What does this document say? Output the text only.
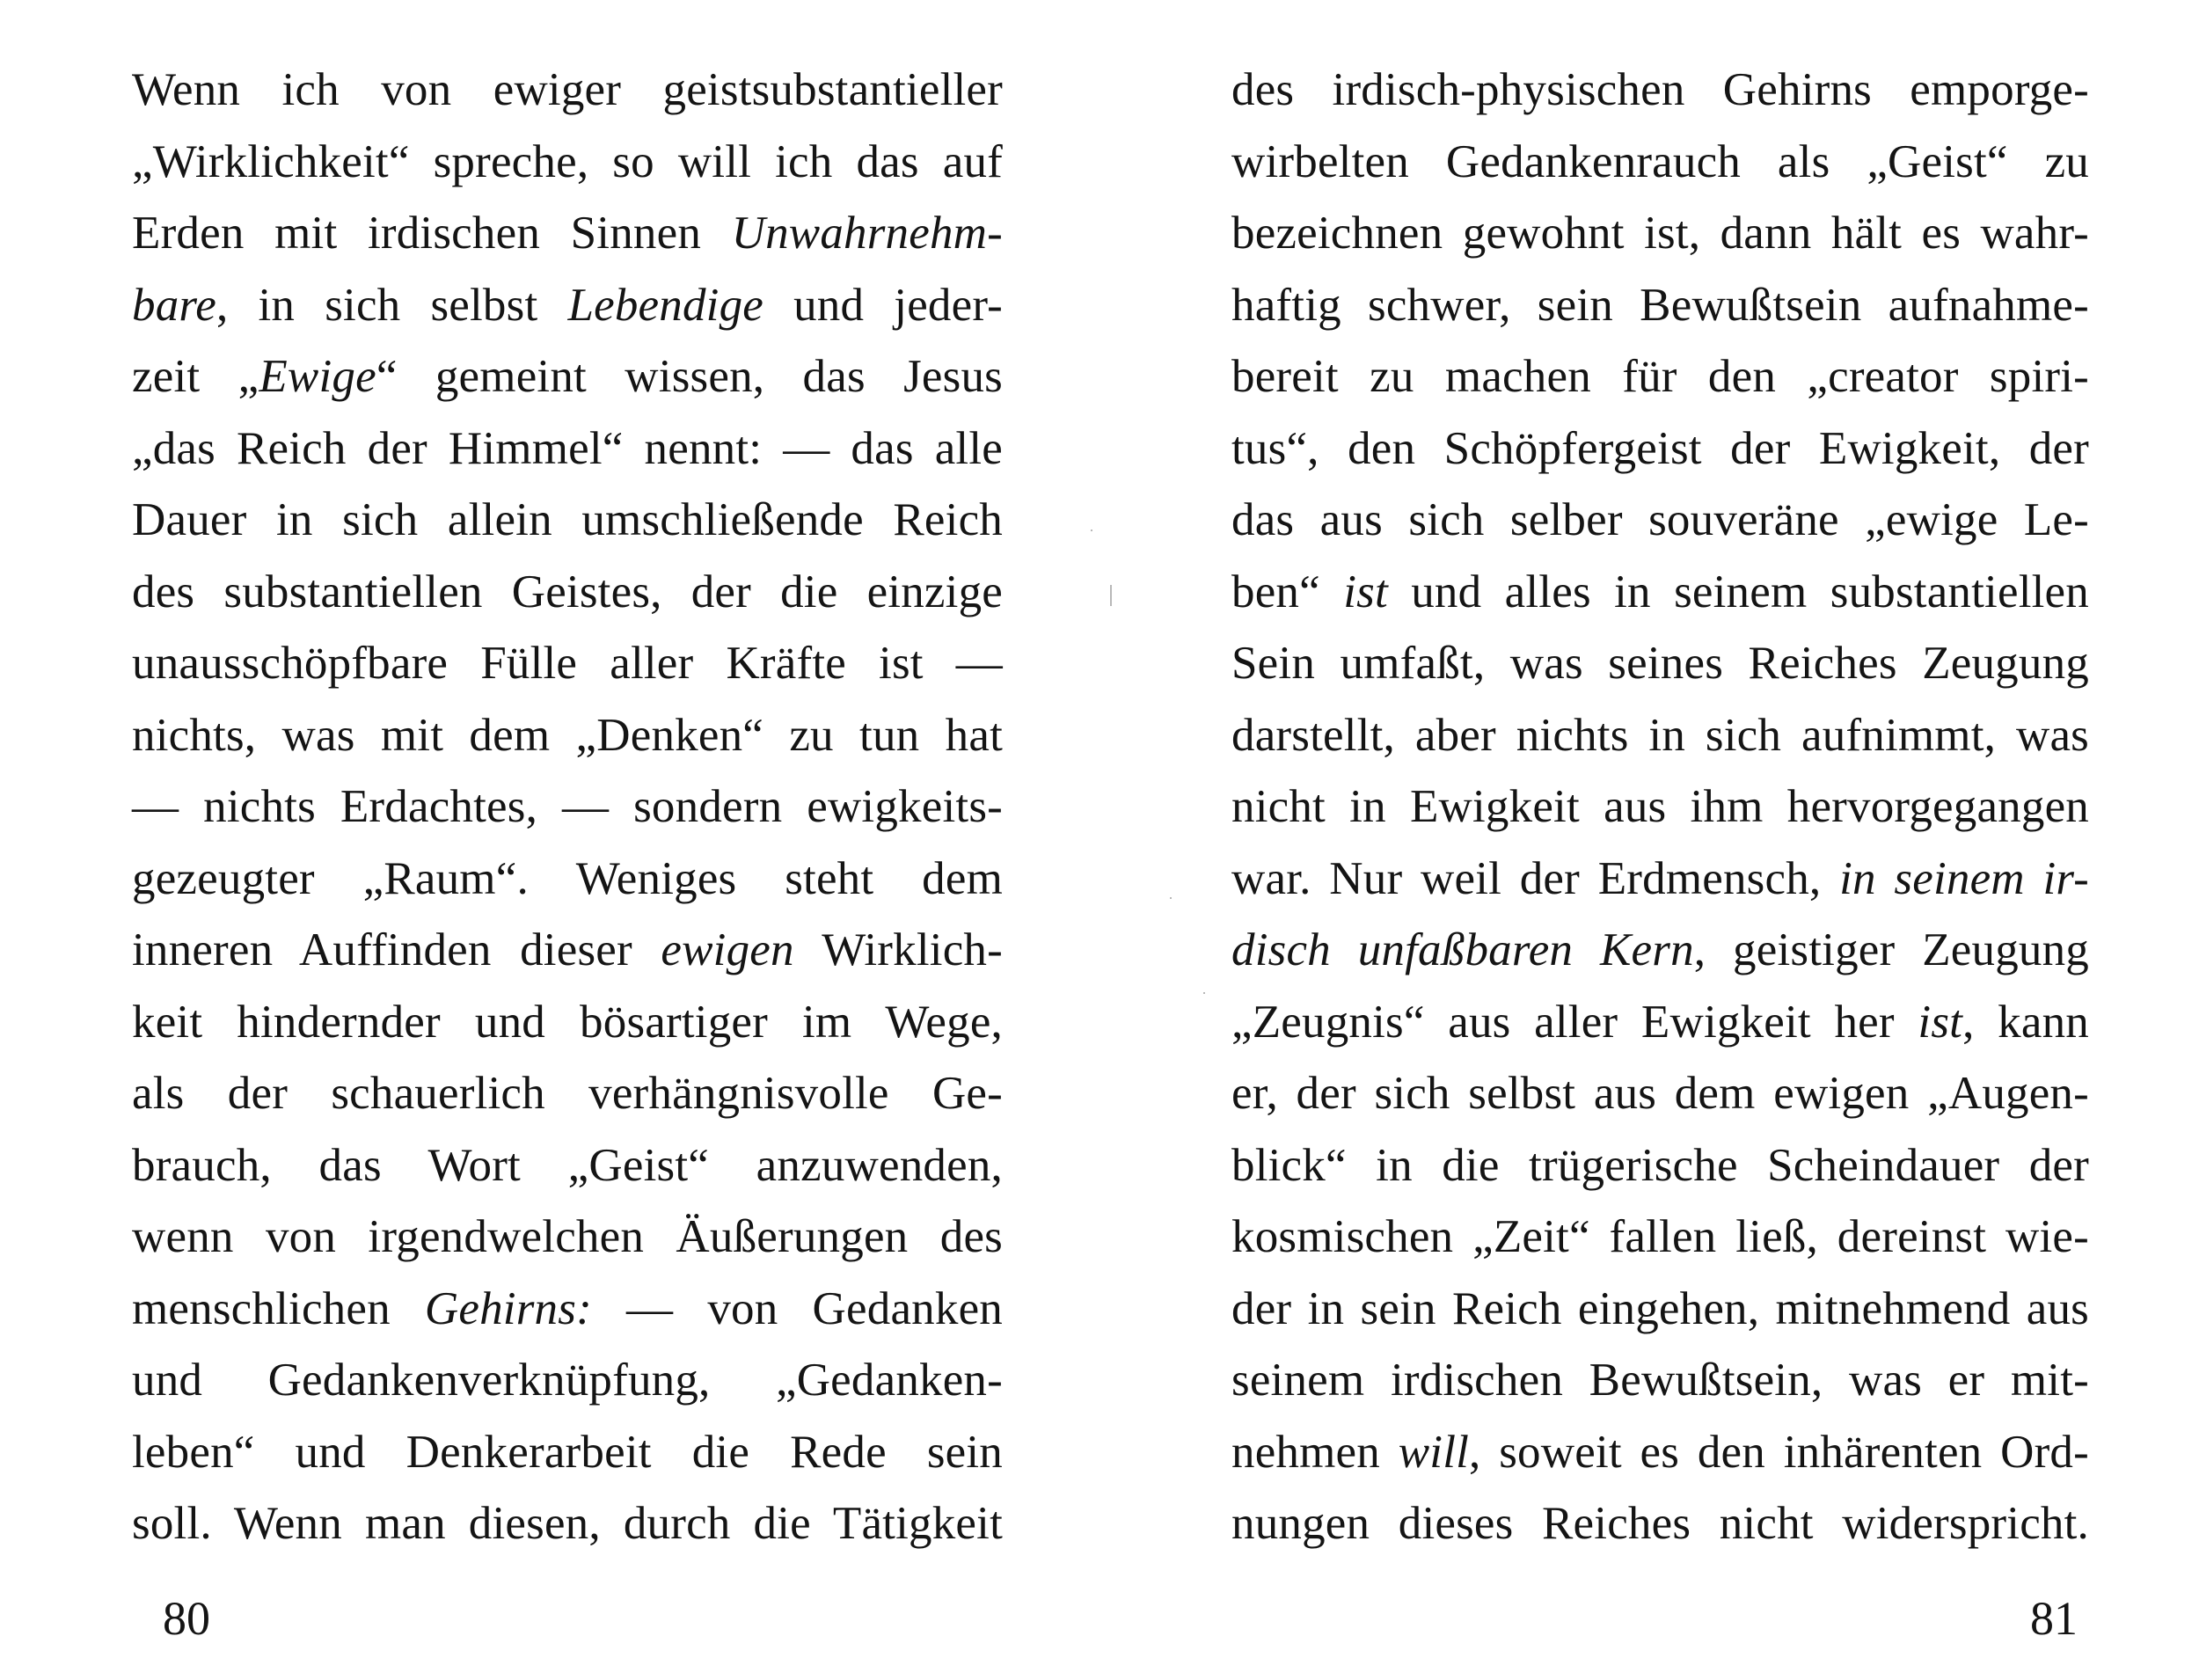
Wenn ich von ewiger geistsubstantieller
„Wirklichkeit“ spreche, so will ich das auf
Erden mit irdischen Sinnen Unwahrnehm-
bare, in sich selbst Lebendige und jeder-
zeit „Ewige“ gemeint wissen, das Jesus
„das Reich der Himmel“ nennt: — das alle
Dauer in sich allein umschließende Reich
des substantiellen Geistes, der die einzige
unausschöpfbare Fülle aller Kräfte ist —
nichts, was mit dem „Denken“ zu tun hat
— nichts Erdachtes, — sondern ewigkeits-
gezeugter „Raum“. Weniges steht dem
inneren Auffinden dieser ewigen Wirklich-
keit hindernder und bösartiger im Wege,
als der schauerlich verhängnisvolle Ge-
brauch, das Wort „Geist“ anzuwenden,
wenn von irgendwelchen Äußerungen des
menschlichen Gehirns: — von Gedanken
und Gedankenverknüpfung, „Gedanken-
leben“ und Denkerarbeit die Rede sein
soll. Wenn man diesen, durch die Tätigkeit
80
des irdisch-physischen Gehirns emporge-
wirbelten Gedankenrauch als „Geist“ zu
bezeichnen gewohnt ist, dann hält es wahr-
haftig schwer, sein Bewußtsein aufnahme-
bereit zu machen für den „creator spiri-
tus“, den Schöpfergeist der Ewigkeit, der
das aus sich selber souveräne „ewige Le-
ben“ ist und alles in seinem substantiellen
Sein umfaßt, was seines Reiches Zeugung
darstellt, aber nichts in sich aufnimmt, was
nicht in Ewigkeit aus ihm hervorgegangen
war. Nur weil der Erdmensch, in seinem ir-
disch unfaßbaren Kern, geistiger Zeugung
„Zeugnis“ aus aller Ewigkeit her ist, kann
er, der sich selbst aus dem ewigen „Augen-
blick“ in die trügerische Scheindauer der
kosmischen „Zeit“ fallen ließ, dereinst wie-
der in sein Reich eingehen, mitnehmend aus
seinem irdischen Bewußtsein, was er mit-
nehmen will, soweit es den inhärenten Ord-
nungen dieses Reiches nicht widerspricht.
81
